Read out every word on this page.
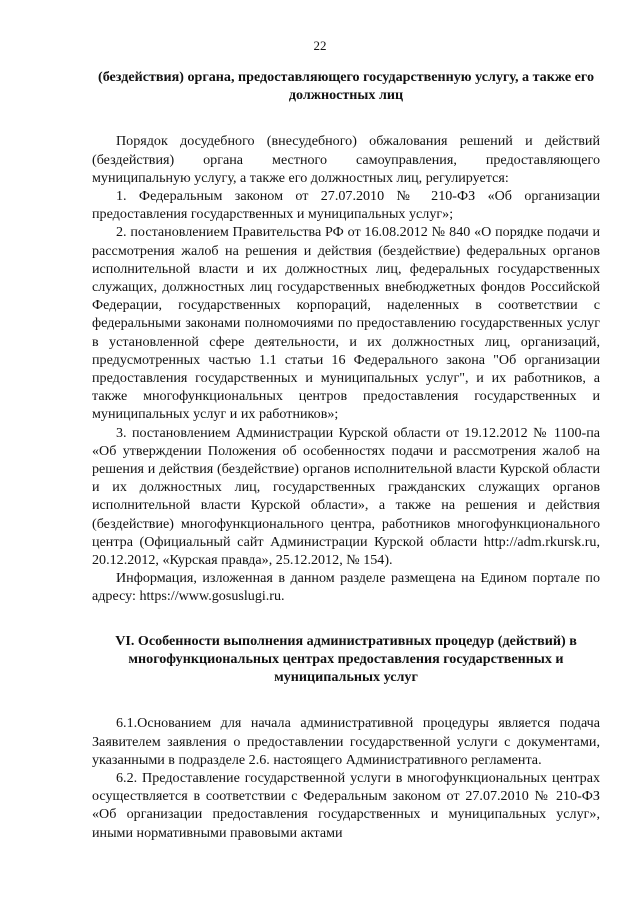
22

(бездействия) органа, предоставляющего государственную услугу, а также его должностных лиц

Порядок досудебного (внесудебного) обжалования решений и действий (бездействия) органа местного самоуправления, предоставляющего муниципальную услугу, а также его должностных лиц, регулируется:

1. Федеральным законом от 27.07.2010 № 210-ФЗ «Об организации предоставления государственных и муниципальных услуг»;

2. постановлением Правительства РФ от 16.08.2012 № 840 «О порядке подачи и рассмотрения жалоб на решения и действия (бездействие) федеральных органов исполнительной власти и их должностных лиц, федеральных государственных служащих, должностных лиц государственных внебюджетных фондов Российской Федерации, государственных корпораций, наделенных в соответствии с федеральными законами полномочиями по предоставлению государственных услуг в установленной сфере деятельности, и их должностных лиц, организаций, предусмотренных частью 1.1 статьи 16 Федерального закона "Об организации предоставления государственных и муниципальных услуг", и их работников, а также многофункциональных центров предоставления государственных и муниципальных услуг и их работников»;

3. постановлением Администрации Курской области от 19.12.2012 № 1100-па «Об утверждении Положения об особенностях подачи и рассмотрения жалоб на решения и действия (бездействие) органов исполнительной власти Курской области и их должностных лиц, государственных гражданских служащих органов исполнительной власти Курской области», а также на решения и действия (бездействие) многофункционального центра, работников многофункционального центра (Официальный сайт Администрации Курской области http://adm.rkursk.ru, 20.12.2012, «Курская правда», 25.12.2012, № 154).

Информация, изложенная в данном разделе размещена на Едином портале по адресу: https://www.gosuslugi.ru.

VI. Особенности выполнения административных процедур (действий) в многофункциональных центрах предоставления государственных и муниципальных услуг

6.1.Основанием для начала административной процедуры является подача Заявителем заявления о предоставлении государственной услуги с документами, указанными в подразделе 2.6. настоящего Административного регламента.

6.2. Предоставление государственной услуги в многофункциональных центрах осуществляется в соответствии с Федеральным законом от 27.07.2010 № 210-ФЗ «Об организации предоставления государственных и муниципальных услуг», иными нормативными правовыми актами
